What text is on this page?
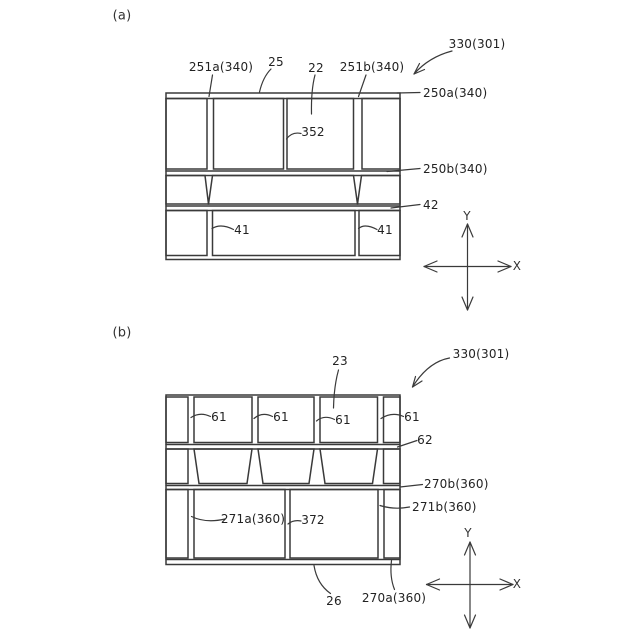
(a)
251a(340) 25 22 251b(340)
330(301)
250a(340)
352
250b(340)
42
41	41
Y
X
(b)
23	330(301)
61	61	61	61
62
270b(360)
271b(360)
271a(360) 372
26 270a(360)
Y
X
